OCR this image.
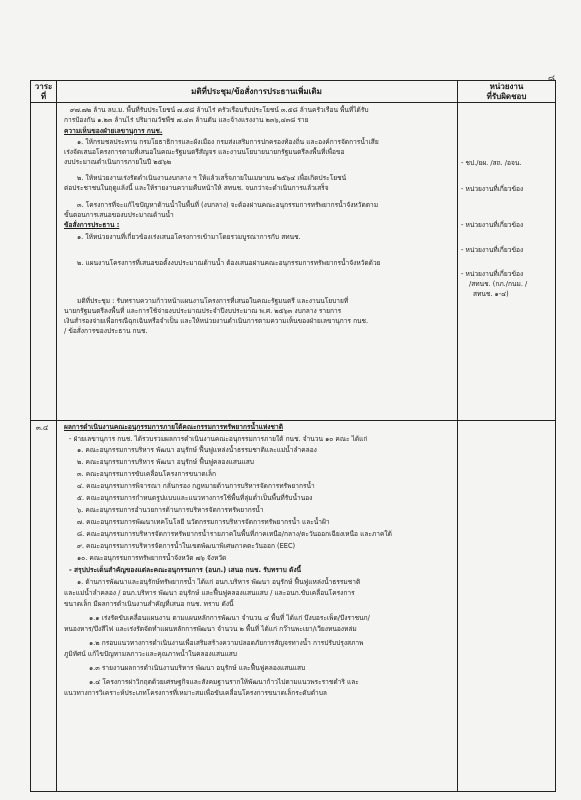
๘
วาระ
ที่
มติที่ประชุม/ข้อสั่งการประธานเพิ่มเติม
หน่วยงาน
ที่รับผิดชอบ
๙๗.๗๒ ล้าน ลบ.ม. พื้นที่รับประโยชน์ ๗.๕๘ ล้านไร่ ครัวเรือนรับประโยชน์ ๓.๕๘ ล้านครัวเรือน พื้นที่ได้รับ
การป้องกัน ๑.๒๓ ล้านไร่ ปริมาณวัชพืช ๗.๔๓ ล้านตัน และจ้างแรงงาน ๒๓๖,๔๓๘ ราย
ความเห็นของฝ่ายเลขานุการ กนช.
๑. ให้กรมชลประทาน กรมโยธาธิการและผังเมือง กรมส่งเสริมการปกครองท้องถิ่น และองค์การจัดการน้ำเสีย
เร่งจัดเสนอโครงการตามที่เสนอในคณะรัฐมนตรีสัญจร และงานนโยบายนายกรัฐมนตรีลงพื้นที่เพื่อขอ
งบประมาณดำเนินการภายในปี ๒๕๖๒
๒. ให้หน่วยงานเร่งรัดดำเนินงานงบกลาง ฯ ให้แล้วเสร็จภายในเมษายน ๒๕๖๔ เพื่อเกิดประโยชน์
ต่อประชาชนในฤดูแล้งนี้ และให้รายงานความคืบหน้าให้ สทนช. จนกว่าจะดำเนินการแล้วเสร็จ
๓. โครงการที่จะแก้ไขปัญหาด้านน้ำในพื้นที่ (งบกลาง) จะต้องผ่านคณะอนุกรรมการทรัพยากรน้ำจังหวัดตาม
ขั้นตอนการเสนอของบประมาณด้านน้ำ
ข้อสั่งการประธาน :
๑. ให้หน่วยงานที่เกี่ยวข้องเร่งเสนอโครงการเข้ามาโดยรวมบูรณาการกับ สทนช.
๒. แผนงานโครงการที่เสนอขอตั้งงบประมาณด้านน้ำ ต้องเสนอผ่านคณะอนุกรรมการทรัพยากรน้ำจังหวัดด้วย
มติที่ประชุม : รับทราบความก้าวหน้าแผนงานโครงการที่เสนอในคณะรัฐมนตรี และงานนโยบายที่
นายกรัฐมนตรีลงพื้นที่ และการใช้จ่ายงบประมาณประจำปีงบประมาณ พ.ศ. ๒๕๖๓ งบกลาง รายการ
เงินสำรองจ่ายเพื่อกรณีฉุกเฉินหรือจำเป็น และให้หน่วยงานดำเนินการตามความเห็นของฝ่ายเลขานุการ กนช.
/ ข้อสั่งการของประธาน กนช.
- ชป./ยผ. /สถ. /อจน.
- หน่วยงานที่เกี่ยวข้อง
- หน่วยงานที่เกี่ยวข้อง
- หน่วยงานที่เกี่ยวข้อง
- หน่วยงานที่เกี่ยวข้อง
/สทนช. (กภ./กนม. /
สทนช. ๑-๔)
๓.๔ ผลการดำเนินงานคณะอนุกรรมการภายใต้คณะกรรมการทรัพยากรน้ำแห่งชาติ
- ฝ่ายเลขานุการ กนช. ได้รวบรวมผลการดำเนินงานคณะอนุกรรมการภายใต้ กนช. จำนวน ๑๐ คณะ ได้แก่
๑. คณะอนุกรรมการบริหาร พัฒนา อนุรักษ์ ฟื้นฟูแหล่งน้ำธรรมชาติและแม่น้ำลำคลอง
๒. คณะอนุกรรมการบริหาร พัฒนา อนุรักษ์ ฟื้นฟูคลองแสนแสบ
๓. คณะอนุกรรมการขับเคลื่อนโครงการขนาดเล็ก
๔. คณะอนุกรรมการพิจารณา กลั่นกรอง กฎหมายด้านการบริหารจัดการทรัพยากรน้ำ
๕. คณะอนุกรรมการกำหนดรูปแบบและแนวทางการใช้พื้นที่ลุ่มต่ำเป็นพื้นที่รับน้ำนอง
๖. คณะอนุกรรมการอำนวยการด้านการบริหารจัดการทรัพยากรน้ำ
๗. คณะอนุกรรมการพัฒนาเทคโนโลยี นวัตกรรมการบริหารจัดการทรัพยากรน้ำ และน้ำฝ้า
๘. คณะอนุกรรมการบริหารจัดการทรัพยากรน้ำรายภาคในพื้นที่ภาคเหนือ/กลาง/ตะวันออกเฉียงเหนือ และภาคใต้
๙. คณะอนุกรรมการบริหารจัดการน้ำในเขตพัฒนาพิเศษภาคตะวันออก (EEC)
๑๐. คณะอนุกรรมการทรัพยากรน้ำจังหวัด ๗๖ จังหวัด
- สรุปประเด็นสำคัญของแต่ละคณะอนุกรรมการ (อนก.) เสนอ กนช. รับทราบ ดังนี้
๑. ด้านการพัฒนาและอนุรักษ์ทรัพยากรน้ำ ได้แก่ อนก.บริหาร พัฒนา อนุรักษ์ ฟื้นฟูแหล่งน้ำธรรมชาติ
และแม่น้ำลำคลอง / อนก.บริหาร พัฒนา อนุรักษ์ และฟื้นฟูคลองแสนแสบ / และอนก.ขับเคลื่อนโครงการ
ขนาดเล็ก มีผลการดำเนินงานสำคัญที่เสนอ กนช. ทราบ ดังนี้
๑.๑ เร่งรัดขับเคลื่อนแผนงาน ตามแผนหลักการพัฒนา จำนวน ๔ พื้นที่ ได้แก่ บึงบอระเพ็ด/บึงราชนก/
หนองหาร/บึงสีไฟ และเร่งรัดจัดทำแผนหลักการพัฒนา จำนวน ๒ พื้นที่ ได้แก่ กว๊านพะเยา/เวียงหนองหล่ม
๑.๒ กรอบแนวทางการดำเนินงานเพื่อเสริมสร้างความปลอดภัยการสัญจรทางน้ำ การปรับปรุงสภาพ
ภูมิทัศน์ แก้ไขปัญหามลภาวะและคุณภาพน้ำในคลองแสนแสบ
๑.๓ รายงานผลการดำเนินงานบริหาร พัฒนา อนุรักษ์ และฟื้นฟูคลองแสนแสบ
๑.๔ โครงการผ่าวิกฤตด้วยเศรษฐกิจและสังคมฐานรากให้พัฒนาก้าวไปตามแนวพระราชดำริ และ
แนวทางการวิเคราะห์ประเภทโครงการที่เหมาะสมเพื่อขับเคลื่อนโครงการขนาดเล็กระดับตำบล
